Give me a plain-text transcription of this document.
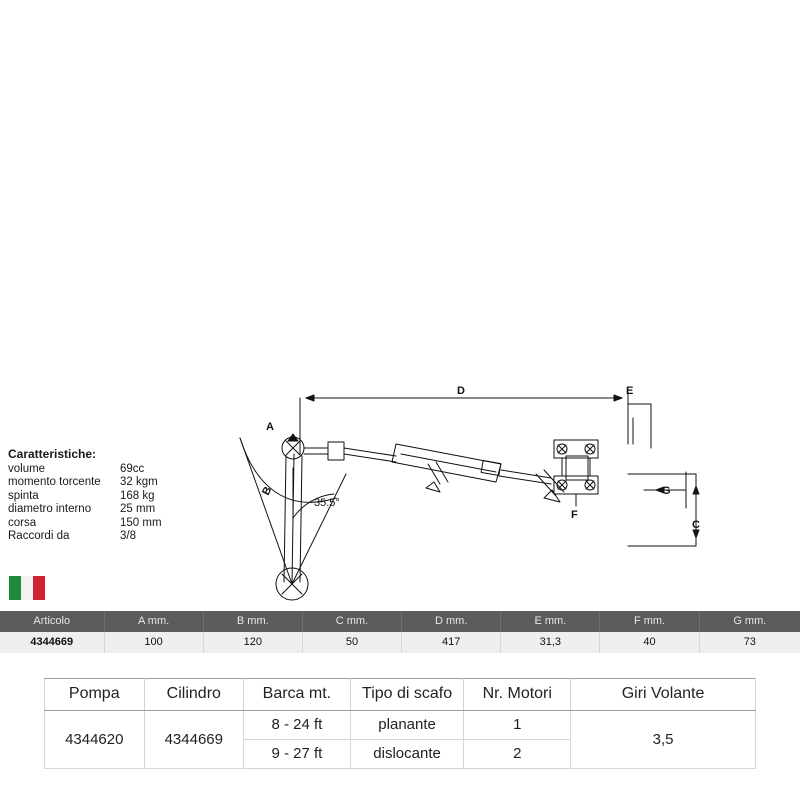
Caratteristiche:
volume	69cc
momento torcente	32 kgm
spinta	168 kg
diametro interno	25 mm
corsa	150 mm
Raccordi da	3/8
D	E
A
C
G
F
B
35.5°
Articolo	A mm.	B mm.	C mm.	D mm.	E mm.	F mm.	G mm.
4344669	100	120	50	417	31,3	40	73
Pompa	Cilindro	Barca mt.	Tipo di scafo	Nr. Motori	Giri Volante
4344620	4344669	8 - 24 ft	planante	1	3,5
		9 - 27 ft	dislocante	2	
